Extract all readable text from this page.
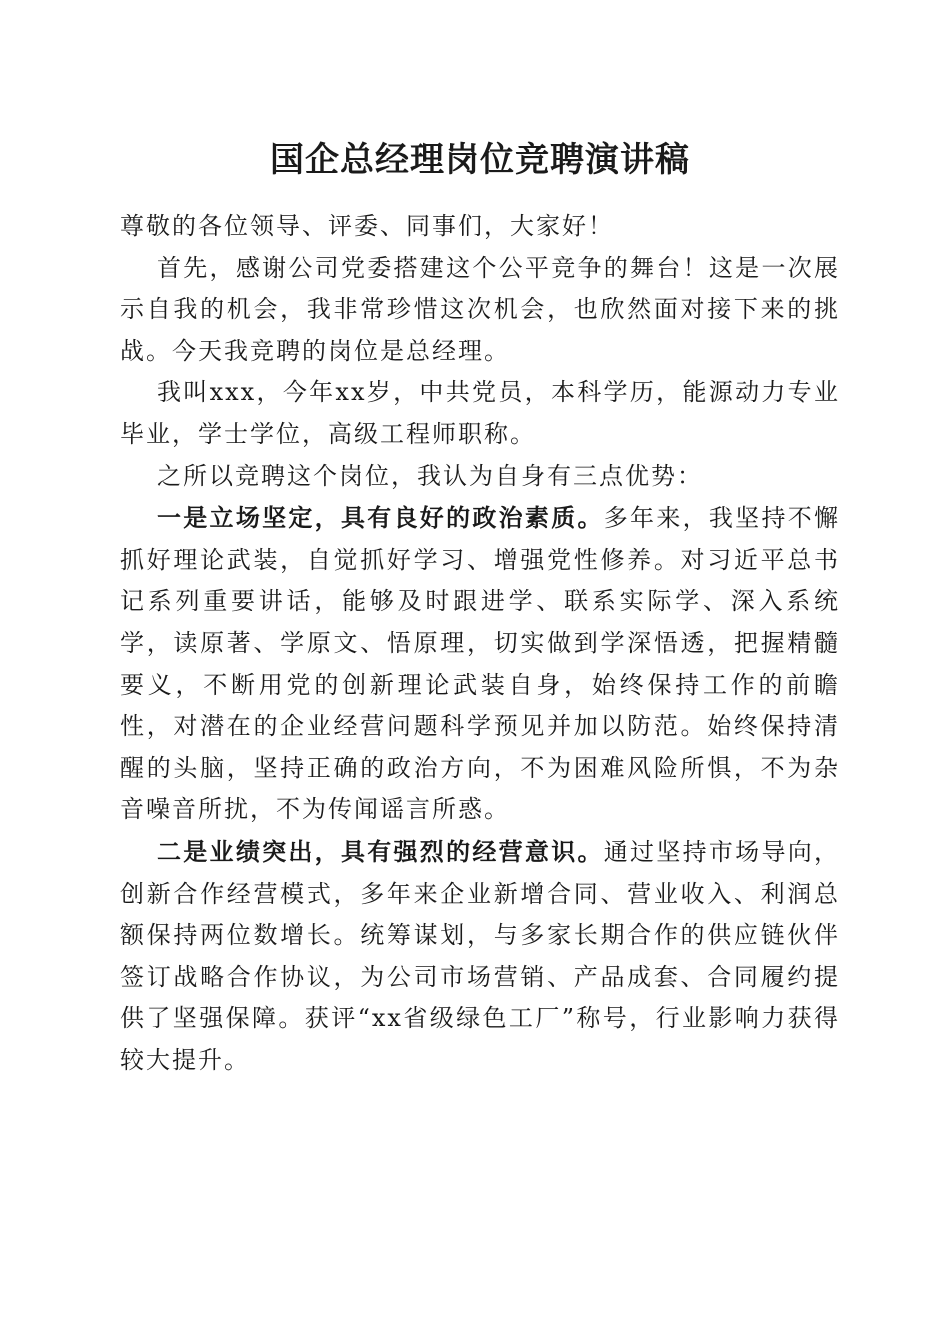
国企总经理岗位竞聘演讲稿

尊敬的各位领导、评委、同事们，大家好！

首先，感谢公司党委搭建这个公平竞争的舞台！这是一次展示自我的机会，我非常珍惜这次机会，也欣然面对接下来的挑战。今天我竞聘的岗位是总经理。

我叫xxx，今年xx岁，中共党员，本科学历，能源动力专业毕业，学士学位，高级工程师职称。

之所以竞聘这个岗位，我认为自身有三点优势：

一是立场坚定，具有良好的政治素质。多年来，我坚持不懈抓好理论武装，自觉抓好学习、增强党性修养。对习近平总书记系列重要讲话，能够及时跟进学、联系实际学、深入系统学，读原著、学原文、悟原理，切实做到学深悟透，把握精髓要义，不断用党的创新理论武装自身，始终保持工作的前瞻性，对潜在的企业经营问题科学预见并加以防范。始终保持清醒的头脑，坚持正确的政治方向，不为困难风险所惧，不为杂音噪音所扰，不为传闻谣言所惑。

二是业绩突出，具有强烈的经营意识。通过坚持市场导向，创新合作经营模式，多年来企业新增合同、营业收入、利润总额保持两位数增长。统筹谋划，与多家长期合作的供应链伙伴签订战略合作协议，为公司市场营销、产品成套、合同履约提供了坚强保障。获评“xx省级绿色工厂”称号，行业影响力获得较大提升。
